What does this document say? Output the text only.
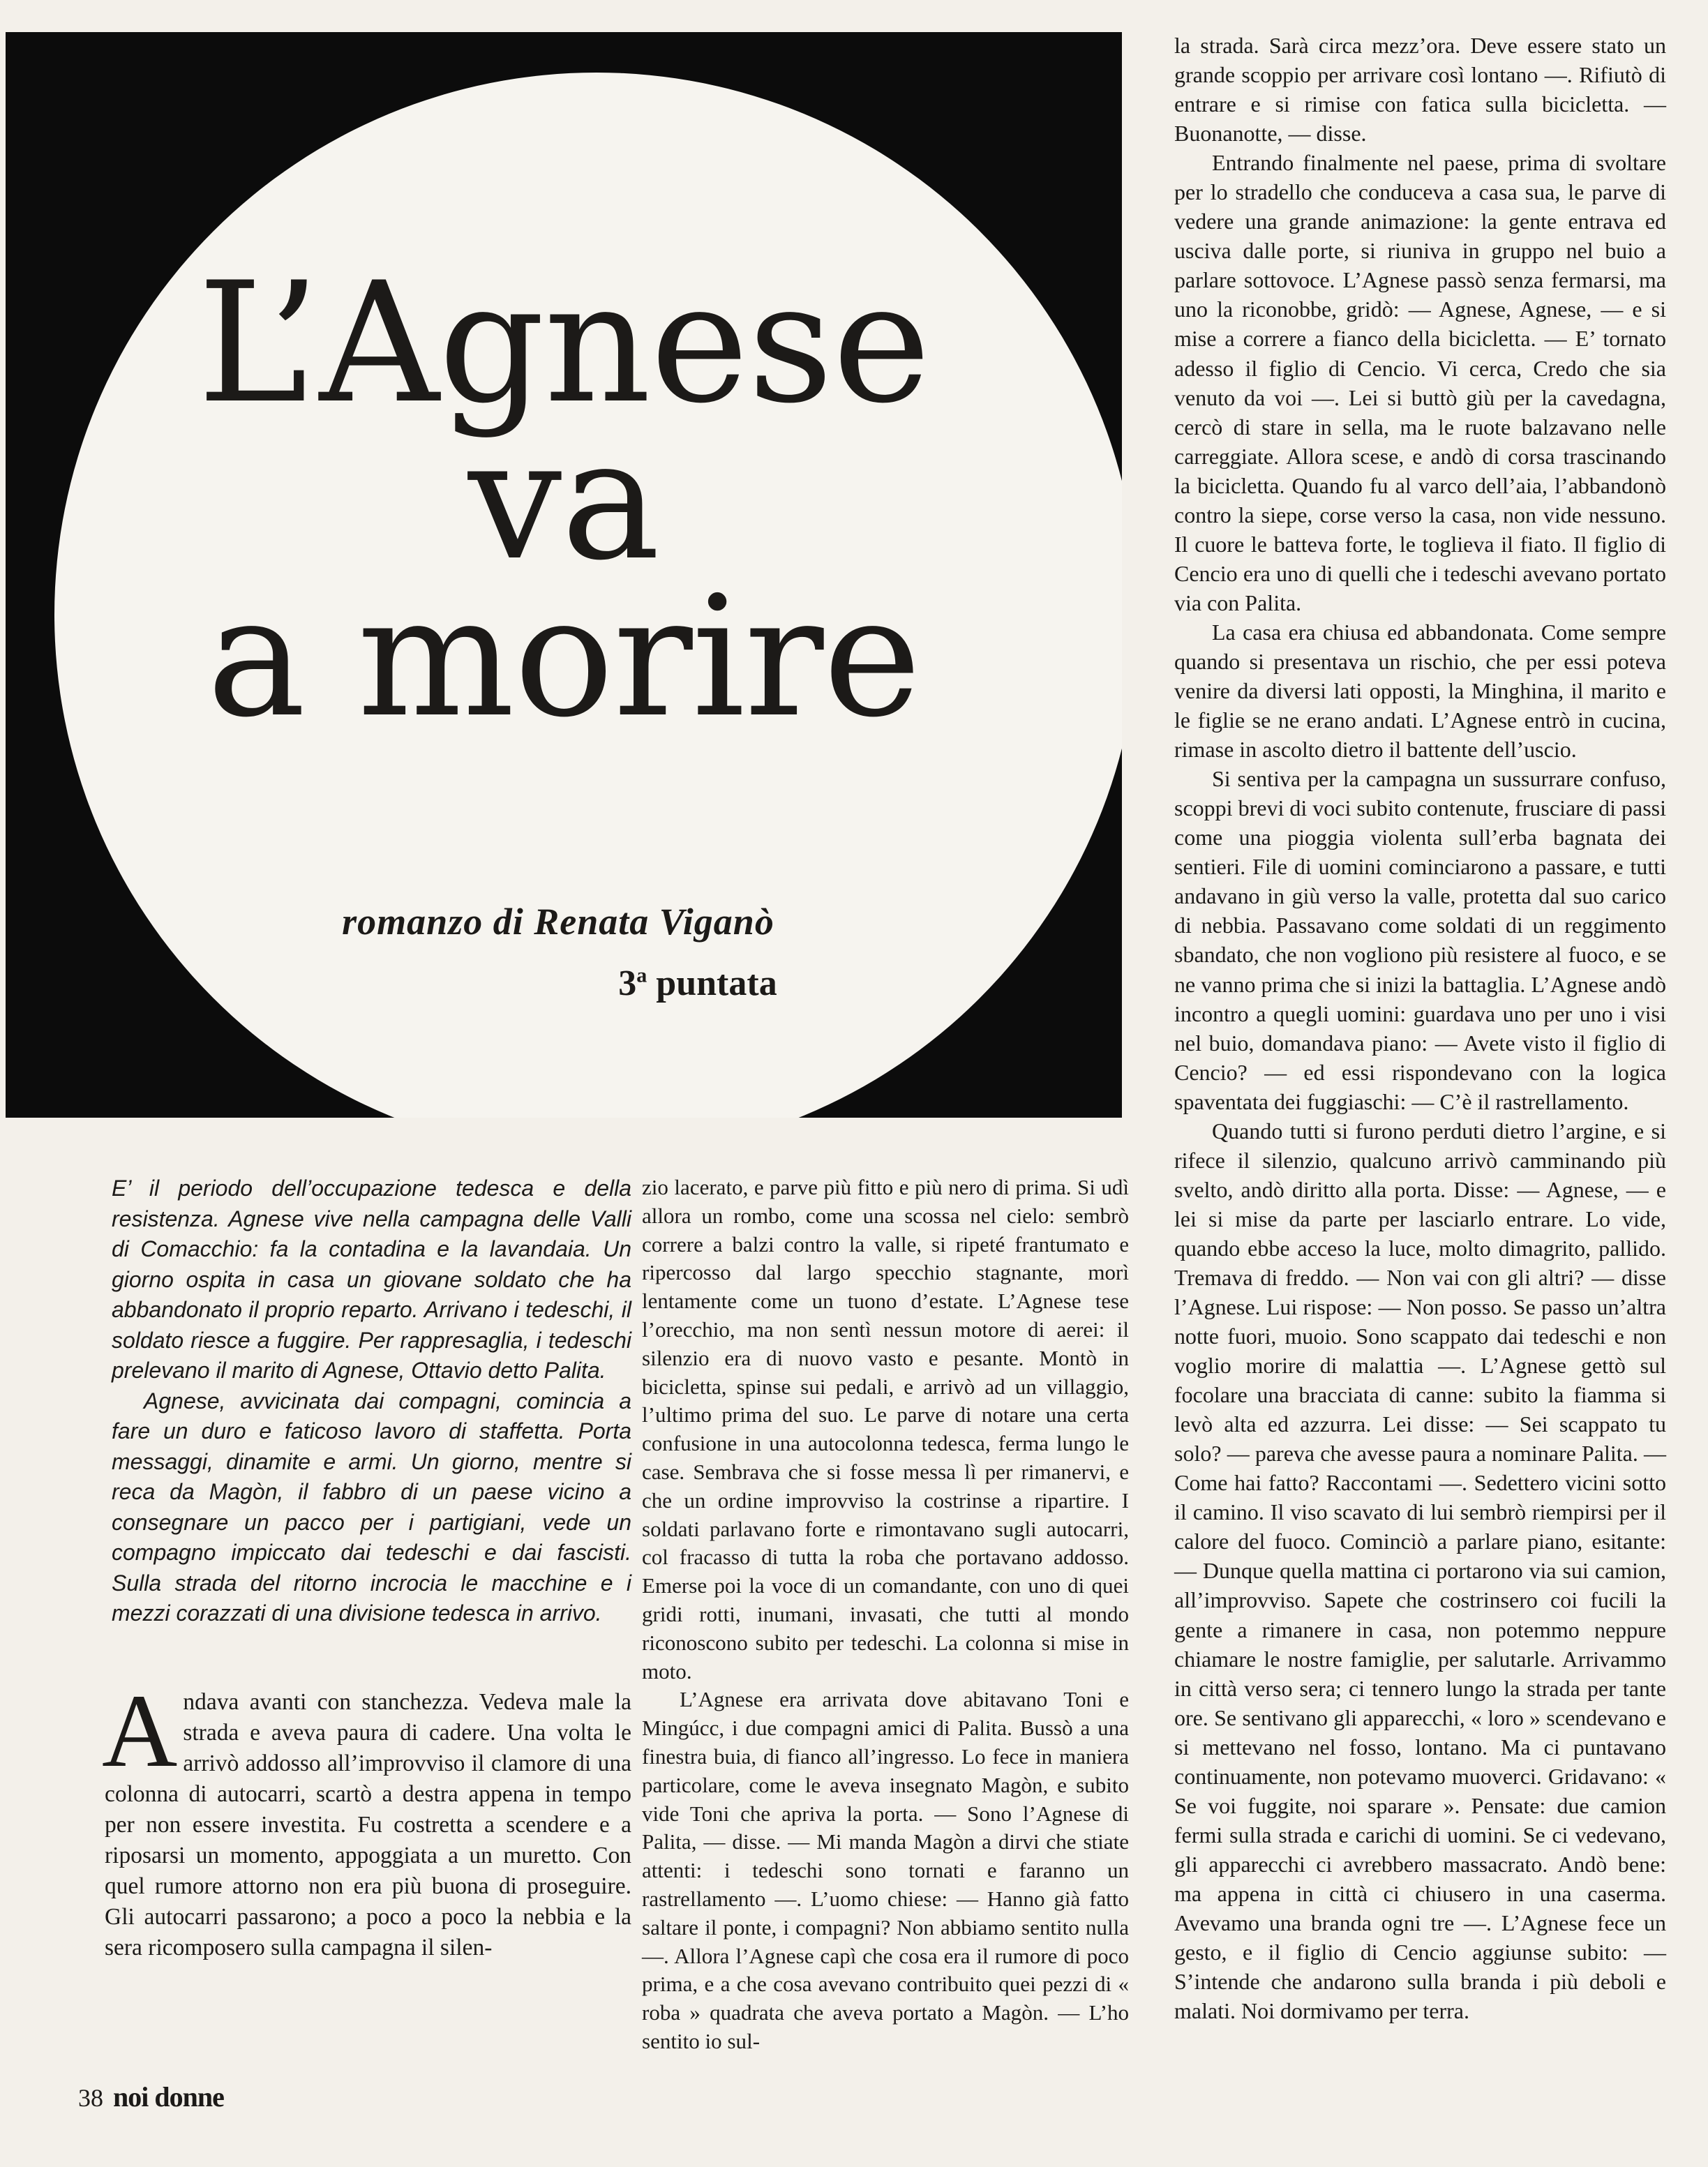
L’Agnese
va
a morire
romanzo di Renata Viganò
3$^a$ puntata

E’ il periodo dell’occupazione tedesca e della resistenza. Agnese vive nella campagna delle Valli di Comacchio: fa la contadina e la lavandaia. Un giorno ospita in casa un giovane soldato che ha abbandonato il proprio reparto. Arrivano i tedeschi, il soldato riesce a fuggire. Per rappresaglia, i tedeschi prelevano il marito di Agnese, Ottavio detto Palita.

Agnese, avvicinata dai compagni, comincia a fare un duro e faticoso lavoro di staffetta. Porta messaggi, dinamite e armi. Un giorno, mentre si reca da Magòn, il fabbro di un paese vicino a consegnare un pacco per i partigiani, vede un compagno impiccato dai tedeschi e dai fascisti. Sulla strada del ritorno incrocia le macchine e i mezzi corazzati di una divisione tedesca in arrivo.

Andava avanti con stanchezza. Vedeva male la strada e aveva paura di cadere. Una volta le arrivò addosso all’improvviso il clamore di una colonna di autocarri, scartò a destra appena in tempo per non essere investita. Fu costretta a scendere e a riposarsi un momento, appoggiata a un muretto. Con quel rumore attorno non era più buona di proseguire. Gli autocarri passarono; a poco a poco la nebbia e la sera ricomposero sulla campagna il silen-

zio lacerato, e parve più fitto e più nero di prima. Si udì allora un rombo, come una scossa nel cielo: sembrò correre a balzi contro la valle, si ripeté frantumato e ripercosso dal largo specchio stagnante, morì lentamente come un tuono d’estate. L’Agnese tese l’orecchio, ma non sentì nessun motore di aerei: il silenzio era di nuovo vasto e pesante. Montò in bicicletta, spinse sui pedali, e arrivò ad un villaggio, l’ultimo prima del suo. Le parve di notare una certa confusione in una autocolonna tedesca, ferma lungo le case. Sembrava che si fosse messa lì per rimanervi, e che un ordine improvviso la costrinse a ripartire. I soldati parlavano forte e rimontavano sugli autocarri, col fracasso di tutta la roba che portavano addosso. Emerse poi la voce di un comandante, con uno di quei gridi rotti, inumani, invasati, che tutti al mondo riconoscono subito per tedeschi. La colonna si mise in moto.

L’Agnese era arrivata dove abitavano Toni e Mingúcc, i due compagni amici di Palita. Bussò a una finestra buia, di fianco all’ingresso. Lo fece in maniera particolare, come le aveva insegnato Magòn, e subito vide Toni che apriva la porta. — Sono l’Agnese di Palita, — disse. — Mi manda Magòn a dirvi che stiate attenti: i tedeschi sono tornati e faranno un rastrellamento —. L’uomo chiese: — Hanno già fatto saltare il ponte, i compagni? Non abbiamo sentito nulla —. Allora l’Agnese capì che cosa era il rumore di poco prima, e a che cosa avevano contribuito quei pezzi di « roba » quadrata che aveva portato a Magòn. — L’ho sentito io sul-

la strada. Sarà circa mezz’ora. Deve essere stato un grande scoppio per arrivare così lontano —. Rifiutò di entrare e si rimise con fatica sulla bicicletta. — Buonanotte, — disse.

Entrando finalmente nel paese, prima di svoltare per lo stradello che conduceva a casa sua, le parve di vedere una grande animazione: la gente entrava ed usciva dalle porte, si riuniva in gruppo nel buio a parlare sottovoce. L’Agnese passò senza fermarsi, ma uno la riconobbe, gridò: — Agnese, Agnese, — e si mise a correre a fianco della bicicletta. — E’ tornato adesso il figlio di Cencio. Vi cerca, Credo che sia venuto da voi —. Lei si buttò giù per la cavedagna, cercò di stare in sella, ma le ruote balzavano nelle carreggiate. Allora scese, e andò di corsa trascinando la bicicletta. Quando fu al varco dell’aia, l’abbandonò contro la siepe, corse verso la casa, non vide nessuno. Il cuore le batteva forte, le toglieva il fiato. Il figlio di Cencio era uno di quelli che i tedeschi avevano portato via con Palita.

La casa era chiusa ed abbandonata. Come sempre quando si presentava un rischio, che per essi poteva venire da diversi lati opposti, la Minghina, il marito e le figlie se ne erano andati. L’Agnese entrò in cucina, rimase in ascolto dietro il battente dell’uscio.

Si sentiva per la campagna un sussurrare confuso, scoppi brevi di voci subito contenute, frusciare di passi come una pioggia violenta sull’erba bagnata dei sentieri. File di uomini cominciarono a passare, e tutti andavano in giù verso la valle, protetta dal suo carico di nebbia. Passavano come soldati di un reggimento sbandato, che non vogliono più resistere al fuoco, e se ne vanno prima che si inizi la battaglia. L’Agnese andò incontro a quegli uomini: guardava uno per uno i visi nel buio, domandava piano: — Avete visto il figlio di Cencio? — ed essi rispondevano con la logica spaventata dei fuggiaschi: — C’è il rastrellamento.

Quando tutti si furono perduti dietro l’argine, e si rifece il silenzio, qualcuno arrivò camminando più svelto, andò diritto alla porta. Disse: — Agnese, — e lei si mise da parte per lasciarlo entrare. Lo vide, quando ebbe acceso la luce, molto dimagrito, pallido. Tremava di freddo. — Non vai con gli altri? — disse l’Agnese. Lui rispose: — Non posso. Se passo un’altra notte fuori, muoio. Sono scappato dai tedeschi e non voglio morire di malattia —. L’Agnese gettò sul focolare una bracciata di canne: subito la fiamma si levò alta ed azzurra. Lei disse: — Sei scappato tu solo? — pareva che avesse paura a nominare Palita. — Come hai fatto? Raccontami —. Sedettero vicini sotto il camino. Il viso scavato di lui sembrò riempirsi per il calore del fuoco. Cominciò a parlare piano, esitante: — Dunque quella mattina ci portarono via sui camion, all’improvviso. Sapete che costrinsero coi fucili la gente a rimanere in casa, non potemmo neppure chiamare le nostre famiglie, per salutarle. Arrivammo in città verso sera; ci tennero lungo la strada per tante ore. Se sentivano gli apparecchi, « loro » scendevano e si mettevano nel fosso, lontano. Ma ci puntavano continuamente, non potevamo muoverci. Gridavano: « Se voi fuggite, noi sparare ». Pensate: due camion fermi sulla strada e carichi di uomini. Se ci vedevano, gli apparecchi ci avrebbero massacrato. Andò bene: ma appena in città ci chiusero in una caserma. Avevamo una branda ogni tre —. L’Agnese fece un gesto, e il figlio di Cencio aggiunse subito: — S’intende che andarono sulla branda i più deboli e malati. Noi dormivamo per terra.

38 noi donne
